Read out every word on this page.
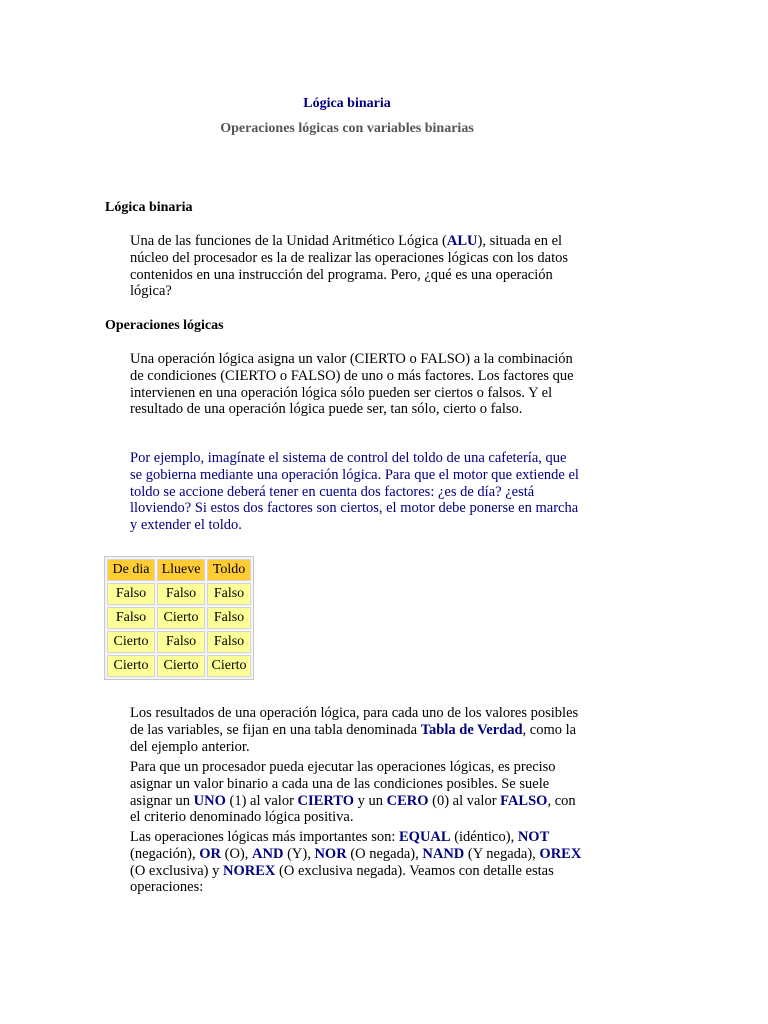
Lógica binaria
Operaciones lógicas con variables binarias
Lógica binaria

Una de las funciones de la Unidad Aritmético Lógica (ALU), situada en el núcleo del procesador es la de realizar las operaciones lógicas con los datos contenidos en una instrucción del programa. Pero, ¿qué es una operación lógica?

Operaciones lógicas

Una operación lógica asigna un valor (CIERTO o FALSO) a la combinación de condiciones (CIERTO o FALSO) de uno o más factores. Los factores que intervienen en una operación lógica sólo pueden ser ciertos o falsos. Y el resultado de una operación lógica puede ser, tan sólo, cierto o falso.

Por ejemplo, imagínate el sistema de control del toldo de una cafetería, que se gobierna mediante una operación lógica. Para que el motor que extiende el toldo se accione deberá tener en cuenta dos factores: ¿es de día? ¿está lloviendo? Si estos dos factores son ciertos, el motor debe ponerse en marcha y extender el toldo.

De dia	Llueve	Toldo
Falso	Falso	Falso
Falso	Cierto	Falso
Cierto	Falso	Falso
Cierto	Cierto	Cierto

Los resultados de una operación lógica, para cada uno de los valores posibles de las variables, se fijan en una tabla denominada Tabla de Verdad, como la del ejemplo anterior.

Para que un procesador pueda ejecutar las operaciones lógicas, es preciso asignar un valor binario a cada una de las condiciones posibles. Se suele asignar un UNO (1) al valor CIERTO y un CERO (0) al valor FALSO, con el criterio denominado lógica positiva.

Las operaciones lógicas más importantes son: EQUAL (idéntico), NOT (negación), OR (O), AND (Y), NOR (O negada), NAND (Y negada), OREX (O exclusiva) y NOREX (O exclusiva negada). Veamos con detalle estas operaciones:
